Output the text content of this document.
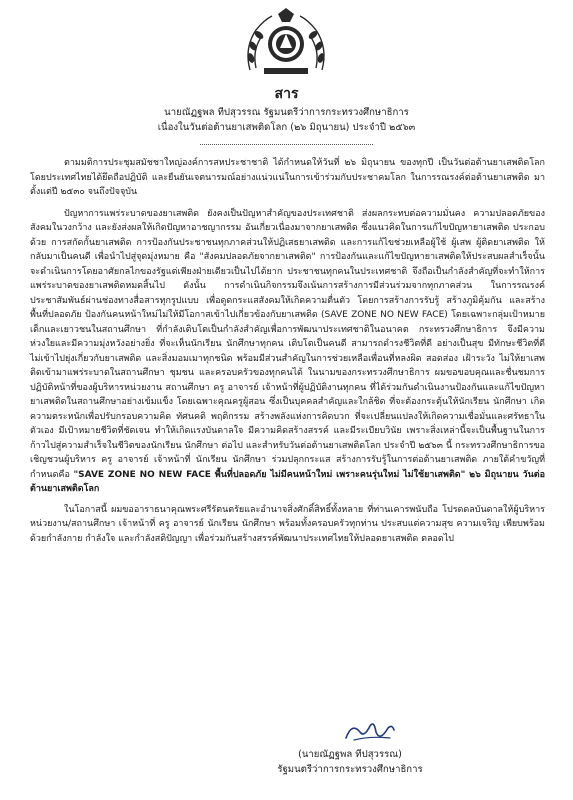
สาร
นายณัฏฐพล ทีปสุวรรณ รัฐมนตรีว่าการกระทรวงศึกษาธิการ
เนื่องในวันต่อต้านยาเสพติดโลก (๒๖ มิถุนายน) ประจำปี ๒๕๖๓

ตามมติการประชุมสมัชชาใหญ่องค์การสหประชาชาติ ได้กำหนดให้วันที่ ๒๖ มิถุนายน ของทุกปี เป็นวันต่อต้านยาเสพติดโลก โดยประเทศไทยได้ยึดถือปฏิบัติ และยืนยันเจตนารมณ์อย่างแน่วแน่ในการเข้าร่วมกับประชาคมโลก ในการรณรงค์ต่อต้านยาเสพติด มาตั้งแต่ปี ๒๕๓๐ จนถึงปัจจุบัน

ปัญหาการแพร่ระบาดของยาเสพติด ยังคงเป็นปัญหาสำคัญของประเทศชาติ ส่งผลกระทบต่อความมั่นคง ความปลอดภัยของสังคมในวงกว้าง และยังส่งผลให้เกิดปัญหาอาชญากรรม อันเกี่ยวเนื่องมาจากยาเสพติด ซึ่งแนวคิดในการแก้ไขปัญหายาเสพติด ประกอบด้วย การสกัดกั้นยาเสพติด การป้องกันประชาชนทุกภาคส่วนให้ปฏิเสธยาเสพติด และการแก้ไขช่วยเหลือผู้ใช้ ผู้เสพ ผู้ติดยาเสพติด ให้กลับมาเป็นคนดี เพื่อนำไปสู่จุดมุ่งหมาย คือ "สังคมปลอดภัยจากยาเสพติด" การป้องกันและแก้ไขปัญหายาเสพติดให้ประสบผลสำเร็จนั้น จะดำเนินการโดยอาศัยกลไกของรัฐแต่เพียงฝ่ายเดียวเป็นไปได้ยาก ประชาชนทุกคนในประเทศชาติ จึงถือเป็นกำลังสำคัญที่จะทำให้การแพร่ระบาดของยาเสพติดหมดสิ้นไป ดังนั้น การดำเนินกิจกรรมจึงเน้นการสร้างการมีส่วนร่วมจากทุกภาคส่วน ในการรณรงค์ ประชาสัมพันธ์ผ่านช่องทางสื่อสารทุกรูปแบบ เพื่อดูดกระแสสังคมให้เกิดความตื่นตัว โดยการสร้างการรับรู้ สร้างภูมิคุ้มกัน และสร้างพื้นที่ปลอดภัย ป้องกันคนหน้าใหม่ไม่ให้มีโอกาสเข้าไปเกี่ยวข้องกับยาเสพติด (SAVE ZONE NO NEW FACE) โดยเฉพาะกลุ่มเป้าหมายเด็กและเยาวชนในสถานศึกษา ที่กำลังเติบโตเป็นกำลังสำคัญเพื่อการพัฒนาประเทศชาติในอนาคต กระทรวงศึกษาธิการ จึงมีความห่วงใยและมีความมุ่งหวังอย่างยิ่ง ที่จะเห็นนักเรียน นักศึกษาทุกคน เติบโตเป็นคนดี สามารถดำรงชีวิตที่ดี อย่างเป็นสุข มีทักษะชีวิตที่ดี ไม่เข้าไปยุ่งเกี่ยวกับยาเสพติด และสิ่งมอมเมาทุกชนิด พร้อมมีส่วนสำคัญในการช่วยเหลือเพื่อนที่หลงผิด สอดส่อง เฝ้าระวัง ไม่ให้ยาเสพติดเข้ามาแพร่ระบาดในสถานศึกษา ชุมชน และครอบครัวของทุกคนได้ ในนามของกระทรวงศึกษาธิการ ผมขอขอบคุณและชื่นชมการปฏิบัติหน้าที่ของผู้บริหารหน่วยงาน สถานศึกษา ครู อาจารย์ เจ้าหน้าที่ผู้ปฏิบัติงานทุกคน ที่ได้ร่วมกันดำเนินงานป้องกันและแก้ไขปัญหายาเสพติดในสถานศึกษาอย่างเข้มแข็ง โดยเฉพาะคุณครูผู้สอน ซึ่งเป็นบุคคลสำคัญและใกล้ชิด ที่จะต้องกระตุ้นให้นักเรียน นักศึกษา เกิดความตระหนักเพื่อปรับกรอบความคิด ทัศนคติ พฤติกรรม สร้างพลังแห่งการคิดบวก ที่จะเปลี่ยนแปลงให้เกิดความเชื่อมั่นและศรัทธาในตัวเอง มีเป้าหมายชีวิตที่ชัดเจน ทำให้เกิดแรงบันดาลใจ มีความคิดสร้างสรรค์ และมีระเบียบวินัย เพราะสิ่งเหล่านี้จะเป็นพื้นฐานในการก้าวไปสู่ความสำเร็จในชีวิตของนักเรียน นักศึกษา ต่อไป และสำหรับวันต่อต้านยาเสพติดโลก ประจำปี ๒๕๖๓ นี้ กระทรวงศึกษาธิการขอเชิญชวนผู้บริหาร ครู อาจารย์ เจ้าหน้าที่ นักเรียน นักศึกษา ร่วมปลุกกระแส สร้างการรับรู้ในการต่อต้านยาเสพติด ภายใต้คำขวัญที่กำหนดคือ "SAVE ZONE NO NEW FACE พื้นที่ปลอดภัย ไม่มีคนหน้าใหม่ เพราะคนรุ่นใหม่ ไม่ใช้ยาเสพติด" ๒๖ มิถุนายน วันต่อต้านยาเสพติดโลก

ในโอกาสนี้ ผมขออาราธนาคุณพระศรีรัตนตรัยและอำนาจสิ่งศักดิ์สิทธิ์ทั้งหลาย ที่ท่านเคารพนับถือ โปรดดลบันดาลให้ผู้บริหารหน่วยงาน/สถานศึกษา เจ้าหน้าที่ ครู อาจารย์ นักเรียน นักศึกษา พร้อมทั้งครอบครัวทุกท่าน ประสบแต่ความสุข ความเจริญ เพียบพร้อมด้วยกำลังกาย กำลังใจ และกำลังสติปัญญา เพื่อร่วมกันสร้างสรรค์พัฒนาประเทศไทยให้ปลอดยาเสพติด ตลอดไป

(นายณัฏฐพล ทีปสุวรรณ)
รัฐมนตรีว่าการกระทรวงศึกษาธิการ
